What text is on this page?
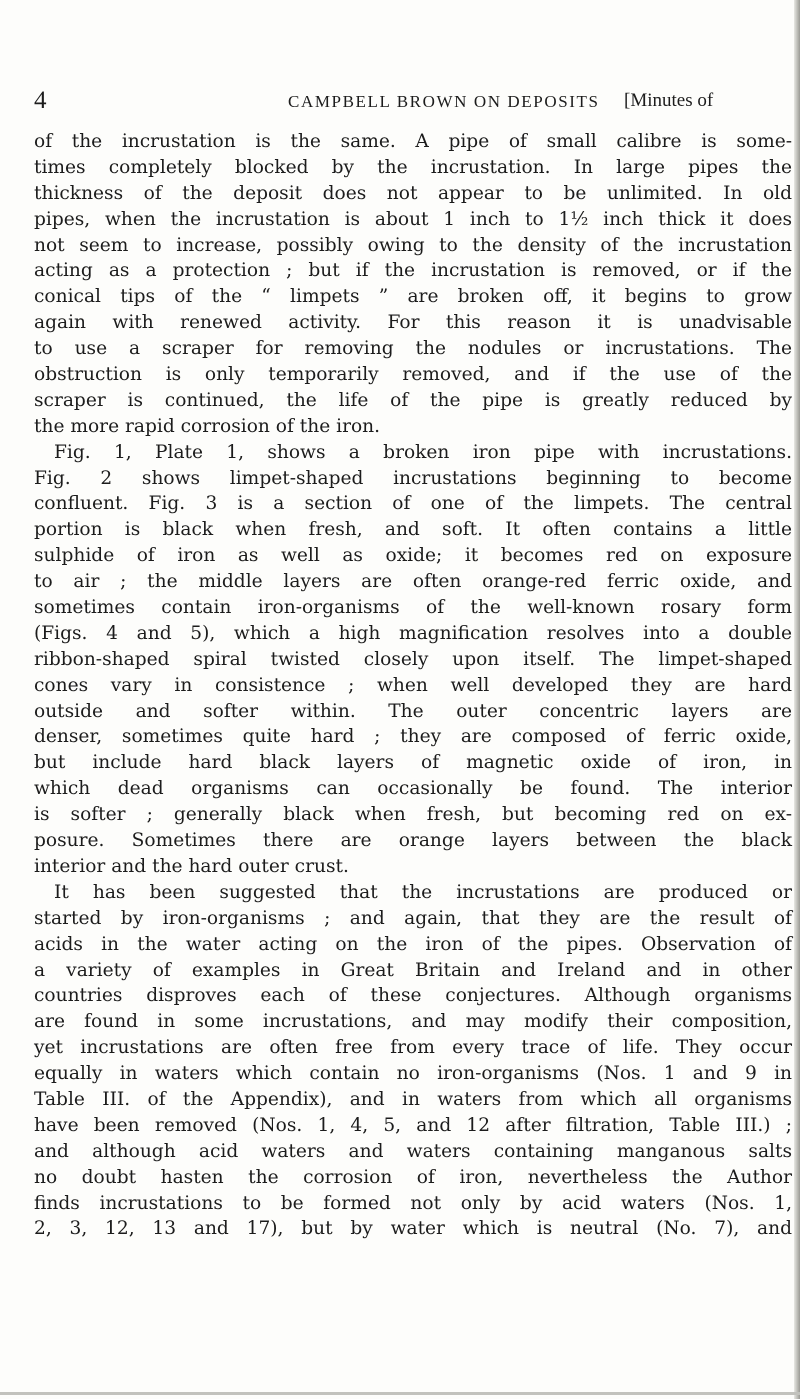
4	CAMPBELL BROWN ON DEPOSITS [Minutes of
of the incrustation is the same. A pipe of small calibre is some-
times completely blocked by the incrustation. In large pipes the
thickness of the deposit does not appear to be unlimited. In old
pipes, when the incrustation is about 1 inch to 1½ inch thick it does
not seem to increase, possibly owing to the density of the incrustation
acting as a protection ; but if the incrustation is removed, or if the
conical tips of the “ limpets ” are broken off, it begins to grow
again with renewed activity. For this reason it is unadvisable
to use a scraper for removing the nodules or incrustations. The
obstruction is only temporarily removed, and if the use of the
scraper is continued, the life of the pipe is greatly reduced by
the more rapid corrosion of the iron.
Fig. 1, Plate 1, shows a broken iron pipe with incrustations.
Fig. 2 shows limpet-shaped incrustations beginning to become
confluent. Fig. 3 is a section of one of the limpets. The central
portion is black when fresh, and soft. It often contains a little
sulphide of iron as well as oxide; it becomes red on exposure
to air ; the middle layers are often orange-red ferric oxide, and
sometimes contain iron-organisms of the well-known rosary form
(Figs. 4 and 5), which a high magnification resolves into a double
ribbon-shaped spiral twisted closely upon itself. The limpet-shaped
cones vary in consistence ; when well developed they are hard
outside and softer within. The outer concentric layers are
denser, sometimes quite hard ; they are composed of ferric oxide,
but include hard black layers of magnetic oxide of iron, in
which dead organisms can occasionally be found. The interior
is softer ; generally black when fresh, but becoming red on ex-
posure. Sometimes there are orange layers between the black
interior and the hard outer crust.
It has been suggested that the incrustations are produced or
started by iron-organisms ; and again, that they are the result of
acids in the water acting on the iron of the pipes. Observation of
a variety of examples in Great Britain and Ireland and in other
countries disproves each of these conjectures. Although organisms
are found in some incrustations, and may modify their composition,
yet incrustations are often free from every trace of life. They occur
equally in waters which contain no iron-organisms (Nos. 1 and 9 in
Table III. of the Appendix), and in waters from which all organisms
have been removed (Nos. 1, 4, 5, and 12 after filtration, Table III.) ;
and although acid waters and waters containing manganous salts
no doubt hasten the corrosion of iron, nevertheless the Author
finds incrustations to be formed not only by acid waters (Nos. 1,
2, 3, 12, 13 and 17), but by water which is neutral (No. 7), and
